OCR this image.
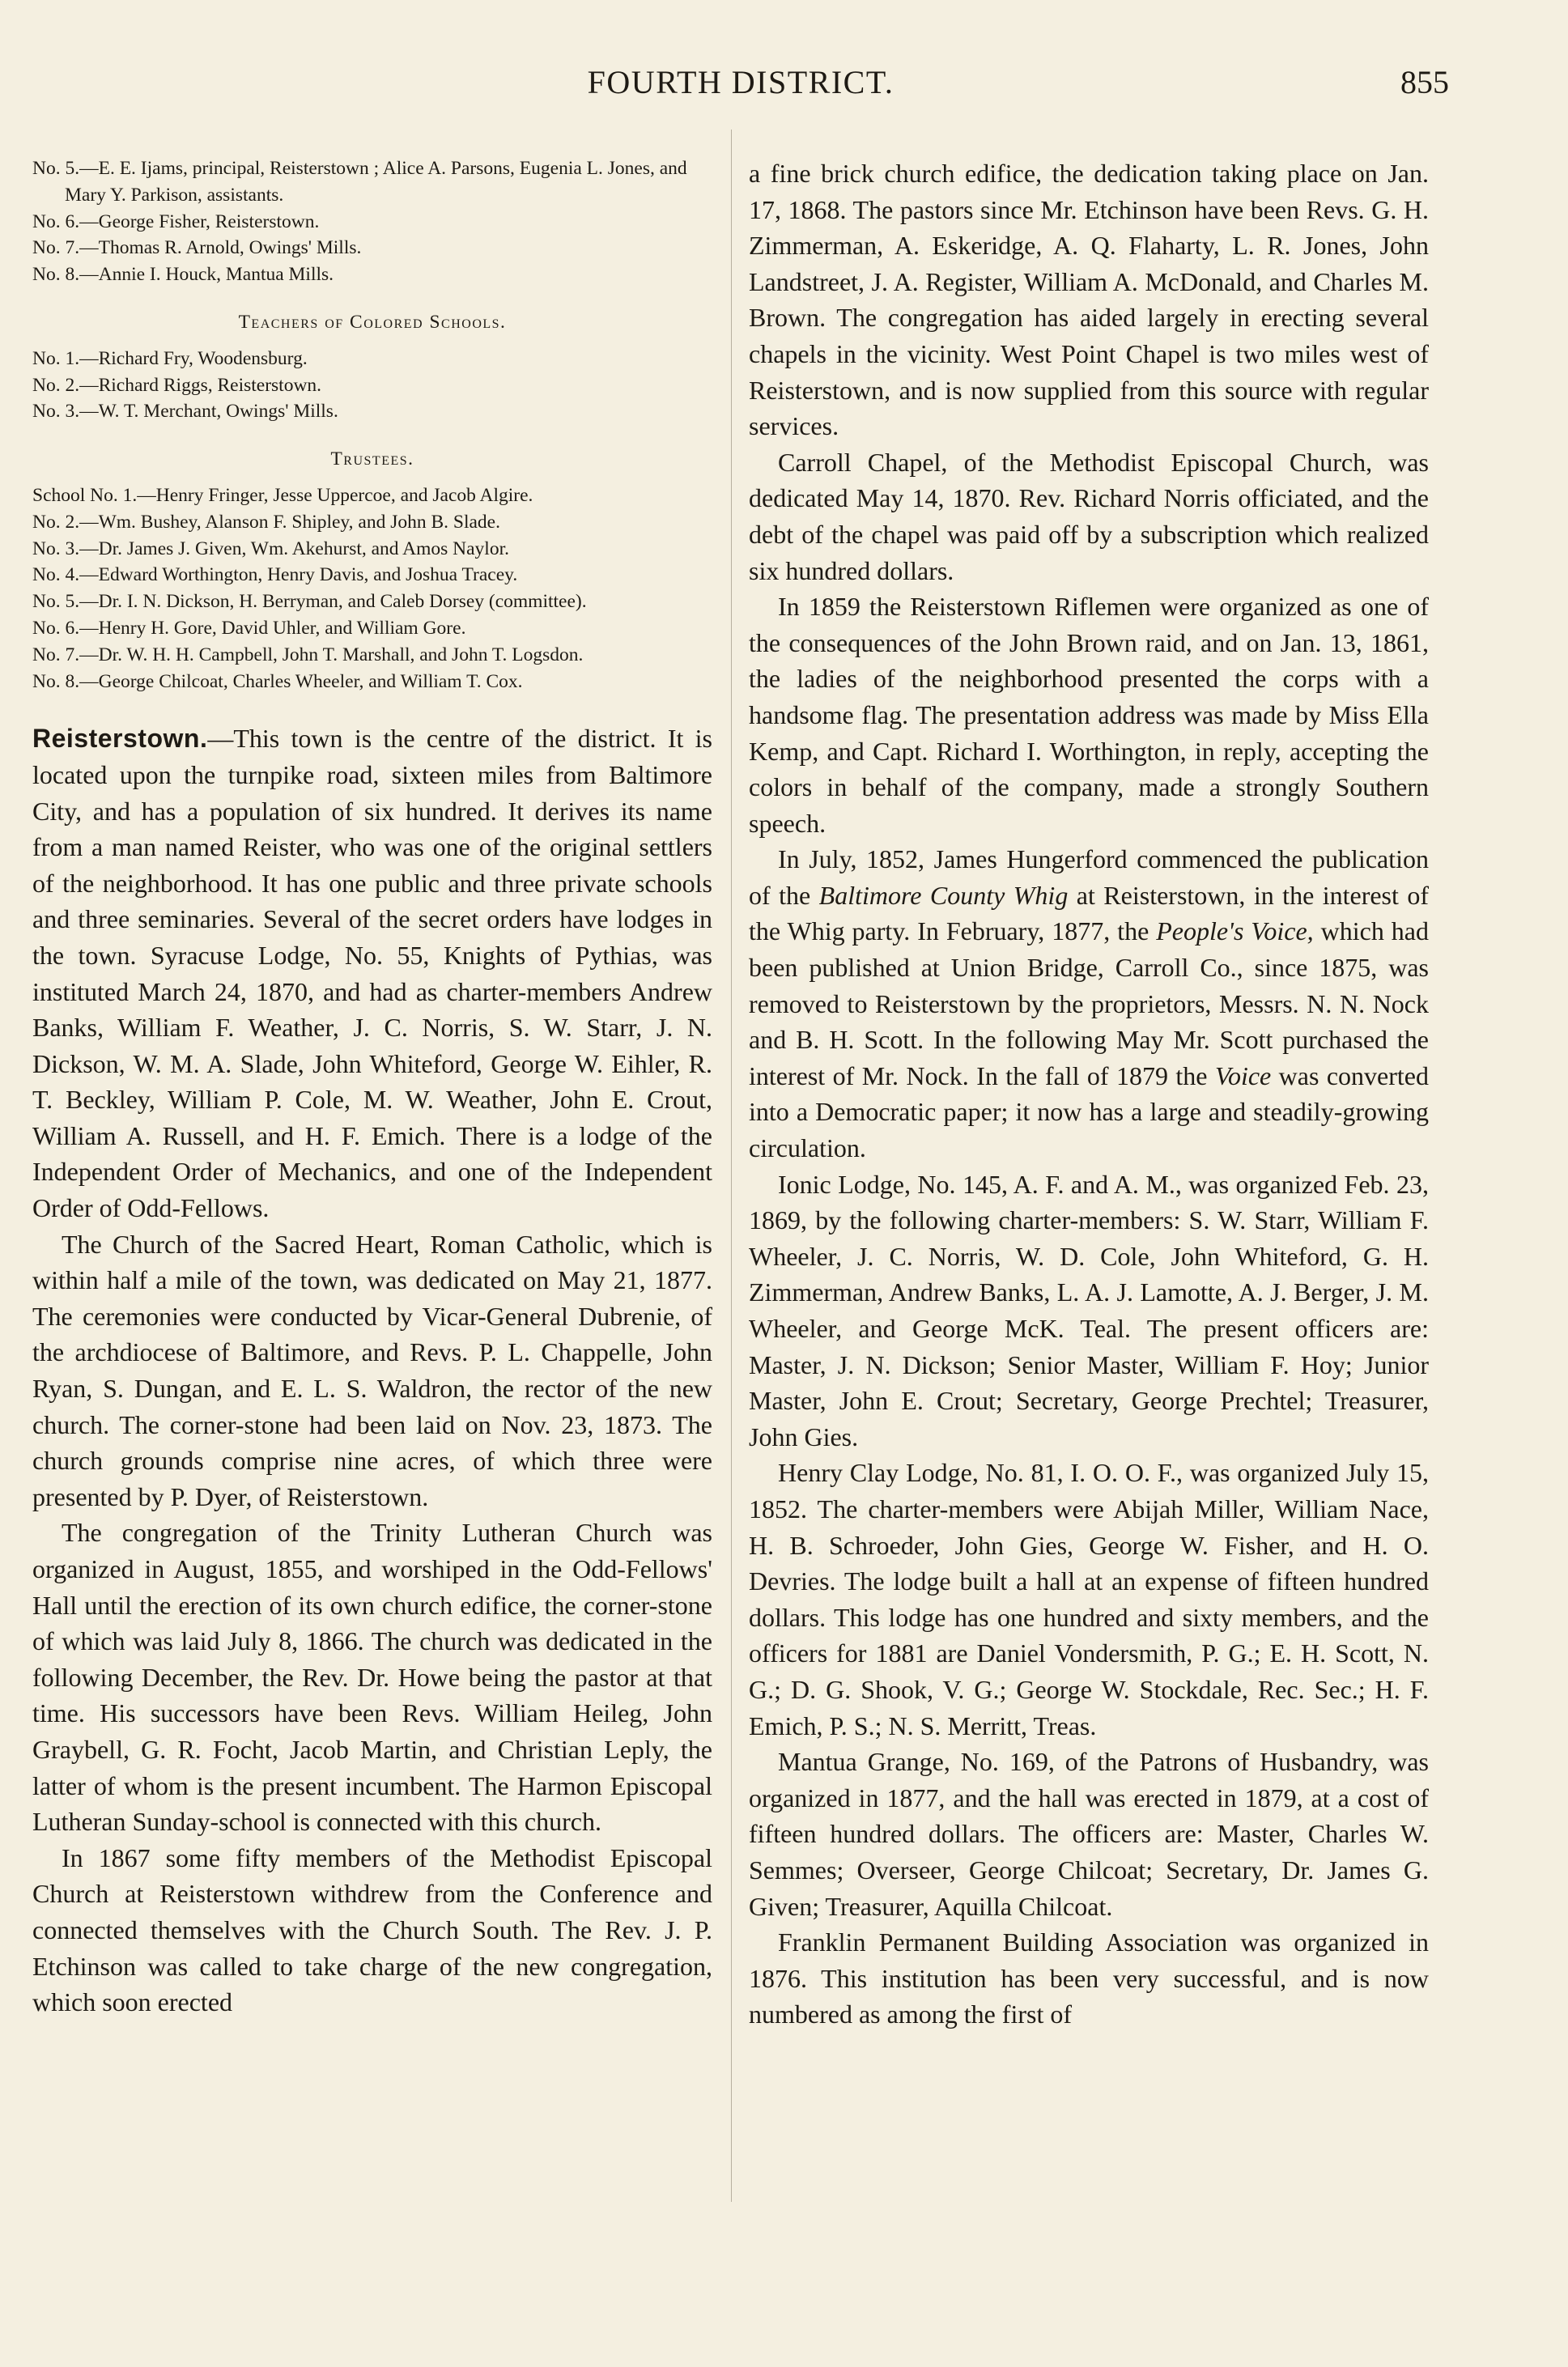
FOURTH DISTRICT.	855

No. 5.—E. E. Ijams, principal, Reisterstown ; Alice A. Parsons, Eugenia L. Jones, and Mary Y. Parkison, assistants.

No. 6.—George Fisher, Reisterstown.

No. 7.—Thomas R. Arnold, Owings' Mills.

No. 8.—Annie I. Houck, Mantua Mills.

Teachers of Colored Schools.

No. 1.—Richard Fry, Woodensburg.

No. 2.—Richard Riggs, Reisterstown.

No. 3.—W. T. Merchant, Owings' Mills.

Trustees.

School No. 1.—Henry Fringer, Jesse Uppercoe, and Jacob Algire.

No. 2.—Wm. Bushey, Alanson F. Shipley, and John B. Slade.

No. 3.—Dr. James J. Given, Wm. Akehurst, and Amos Naylor.

No. 4.—Edward Worthington, Henry Davis, and Joshua Tracey.

No. 5.—Dr. I. N. Dickson, H. Berryman, and Caleb Dorsey (committee).

No. 6.—Henry H. Gore, David Uhler, and William Gore.

No. 7.—Dr. W. H. H. Campbell, John T. Marshall, and John T. Logsdon.

No. 8.—George Chilcoat, Charles Wheeler, and William T. Cox.

Reisterstown.—This town is the centre of the district. It is located upon the turnpike road, sixteen miles from Baltimore City, and has a population of six hundred. It derives its name from a man named Reister, who was one of the original settlers of the neighborhood. It has one public and three private schools and three seminaries. Several of the secret orders have lodges in the town. Syracuse Lodge, No. 55, Knights of Pythias, was instituted March 24, 1870, and had as charter-members Andrew Banks, William F. Weather, J. C. Norris, S. W. Starr, J. N. Dickson, W. M. A. Slade, John Whiteford, George W. Eihler, R. T. Beckley, William P. Cole, M. W. Weather, John E. Crout, William A. Russell, and H. F. Emich. There is a lodge of the Independent Order of Mechanics, and one of the Independent Order of Odd-Fellows.

The Church of the Sacred Heart, Roman Catholic, which is within half a mile of the town, was dedicated on May 21, 1877. The ceremonies were conducted by Vicar-General Dubrenie, of the archdiocese of Baltimore, and Revs. P. L. Chappelle, John Ryan, S. Dungan, and E. L. S. Waldron, the rector of the new church. The corner-stone had been laid on Nov. 23, 1873. The church grounds comprise nine acres, of which three were presented by P. Dyer, of Reisterstown.

The congregation of the Trinity Lutheran Church was organized in August, 1855, and worshiped in the Odd-Fellows' Hall until the erection of its own church edifice, the corner-stone of which was laid July 8, 1866. The church was dedicated in the following December, the Rev. Dr. Howe being the pastor at that time. His successors have been Revs. William Heileg, John Graybell, G. R. Focht, Jacob Martin, and Christian Leply, the latter of whom is the present incumbent. The Harmon Episcopal Lutheran Sunday-school is connected with this church.

In 1867 some fifty members of the Methodist Episcopal Church at Reisterstown withdrew from the Conference and connected themselves with the Church South. The Rev. J. P. Etchinson was called to take charge of the new congregation, which soon erected

a fine brick church edifice, the dedication taking place on Jan. 17, 1868. The pastors since Mr. Etchinson have been Revs. G. H. Zimmerman, A. Eskeridge, A. Q. Flaharty, L. R. Jones, John Landstreet, J. A. Register, William A. McDonald, and Charles M. Brown. The congregation has aided largely in erecting several chapels in the vicinity. West Point Chapel is two miles west of Reisterstown, and is now supplied from this source with regular services.

Carroll Chapel, of the Methodist Episcopal Church, was dedicated May 14, 1870. Rev. Richard Norris officiated, and the debt of the chapel was paid off by a subscription which realized six hundred dollars.

In 1859 the Reisterstown Riflemen were organized as one of the consequences of the John Brown raid, and on Jan. 13, 1861, the ladies of the neighborhood presented the corps with a handsome flag. The presentation address was made by Miss Ella Kemp, and Capt. Richard I. Worthington, in reply, accepting the colors in behalf of the company, made a strongly Southern speech.

In July, 1852, James Hungerford commenced the publication of the Baltimore County Whig at Reisterstown, in the interest of the Whig party. In February, 1877, the People's Voice, which had been published at Union Bridge, Carroll Co., since 1875, was removed to Reisterstown by the proprietors, Messrs. N. N. Nock and B. H. Scott. In the following May Mr. Scott purchased the interest of Mr. Nock. In the fall of 1879 the Voice was converted into a Democratic paper; it now has a large and steadily-growing circulation.

Ionic Lodge, No. 145, A. F. and A. M., was organized Feb. 23, 1869, by the following charter-members: S. W. Starr, William F. Wheeler, J. C. Norris, W. D. Cole, John Whiteford, G. H. Zimmerman, Andrew Banks, L. A. J. Lamotte, A. J. Berger, J. M. Wheeler, and George McK. Teal. The present officers are: Master, J. N. Dickson; Senior Master, William F. Hoy; Junior Master, John E. Crout; Secretary, George Prechtel; Treasurer, John Gies.

Henry Clay Lodge, No. 81, I. O. O. F., was organized July 15, 1852. The charter-members were Abijah Miller, William Nace, H. B. Schroeder, John Gies, George W. Fisher, and H. O. Devries. The lodge built a hall at an expense of fifteen hundred dollars. This lodge has one hundred and sixty members, and the officers for 1881 are Daniel Vondersmith, P. G.; E. H. Scott, N. G.; D. G. Shook, V. G.; George W. Stockdale, Rec. Sec.; H. F. Emich, P. S.; N. S. Merritt, Treas.

Mantua Grange, No. 169, of the Patrons of Husbandry, was organized in 1877, and the hall was erected in 1879, at a cost of fifteen hundred dollars. The officers are: Master, Charles W. Semmes; Overseer, George Chilcoat; Secretary, Dr. James G. Given; Treasurer, Aquilla Chilcoat.

Franklin Permanent Building Association was organized in 1876. This institution has been very successful, and is now numbered as among the first of
